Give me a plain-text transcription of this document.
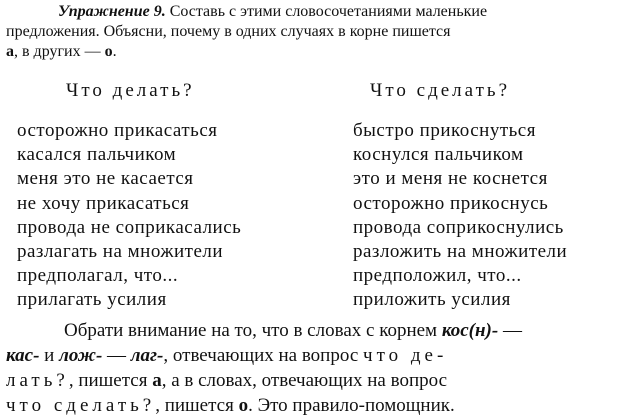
Упражнение 9. Составь с этими словосочетаниями маленькие

предложения. Объясни, почему в одних случаях в корне пишется

а, в других — о.

Что делать?	Что сделать?
осторожно прикасаться
касался пальчиком
меня это не касается
не хочу прикасаться
провода не соприкасались
разлагать на множители
предполагал, что...
прилагать усилия
быстро прикоснуться
коснулся пальчиком
это и меня не коснется
осторожно прикоснусь
провода соприкоснулись
разложить на множители
предположил, что...
приложить усилия

Обрати внимание на то, что в словах с корнем кос(н)- —

кас- и лож- — лаг-, отвечающих на вопрос что де-

лать?, пишется а, а в словах, отвечающих на вопрос

что сделать?, пишется о. Это правило-помощник.
